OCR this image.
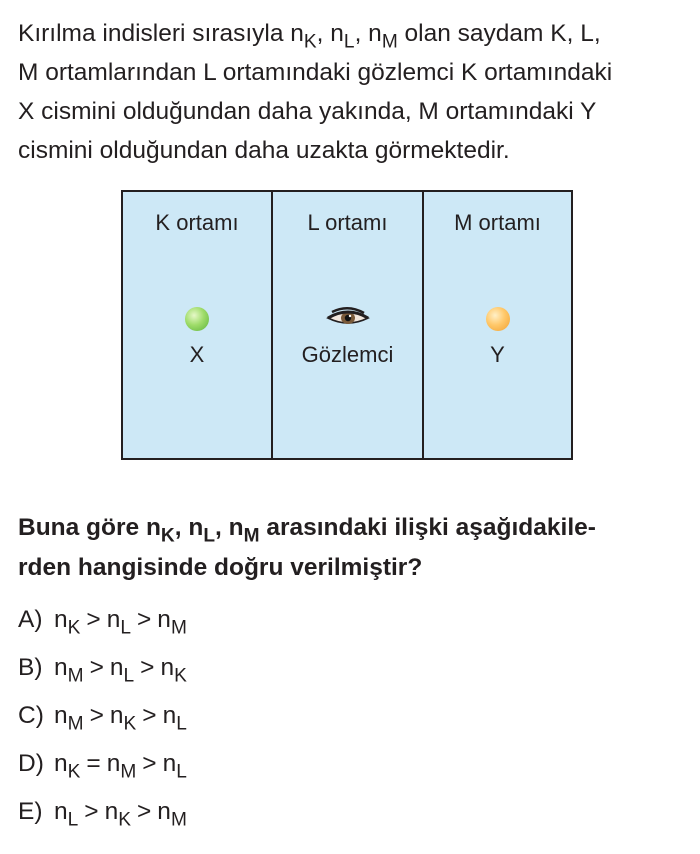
Kırılma indisleri sırasıyla $n_K$, $n_L$, $n_M$ olan saydam K, L,
M ortamlarından L ortamındaki gözlemci K ortamındaki
X cismini olduğundan daha yakında, M ortamındaki Y
cismini olduğundan daha uzakta görmektedir.
K ortamı
X
L ortamı
Gözlemci
M ortamı
Y
Buna göre $n_K$, $n_L$, $n_M$ arasındaki ilişki aşağıdakile-
rden hangisinde doğru verilmiştir?
A) $n_K > n_L > n_M$
B) $n_M > n_L > n_K$
C) $n_M > n_K > n_L$
D) $n_K = n_M > n_L$
E) $n_L > n_K > n_M$
